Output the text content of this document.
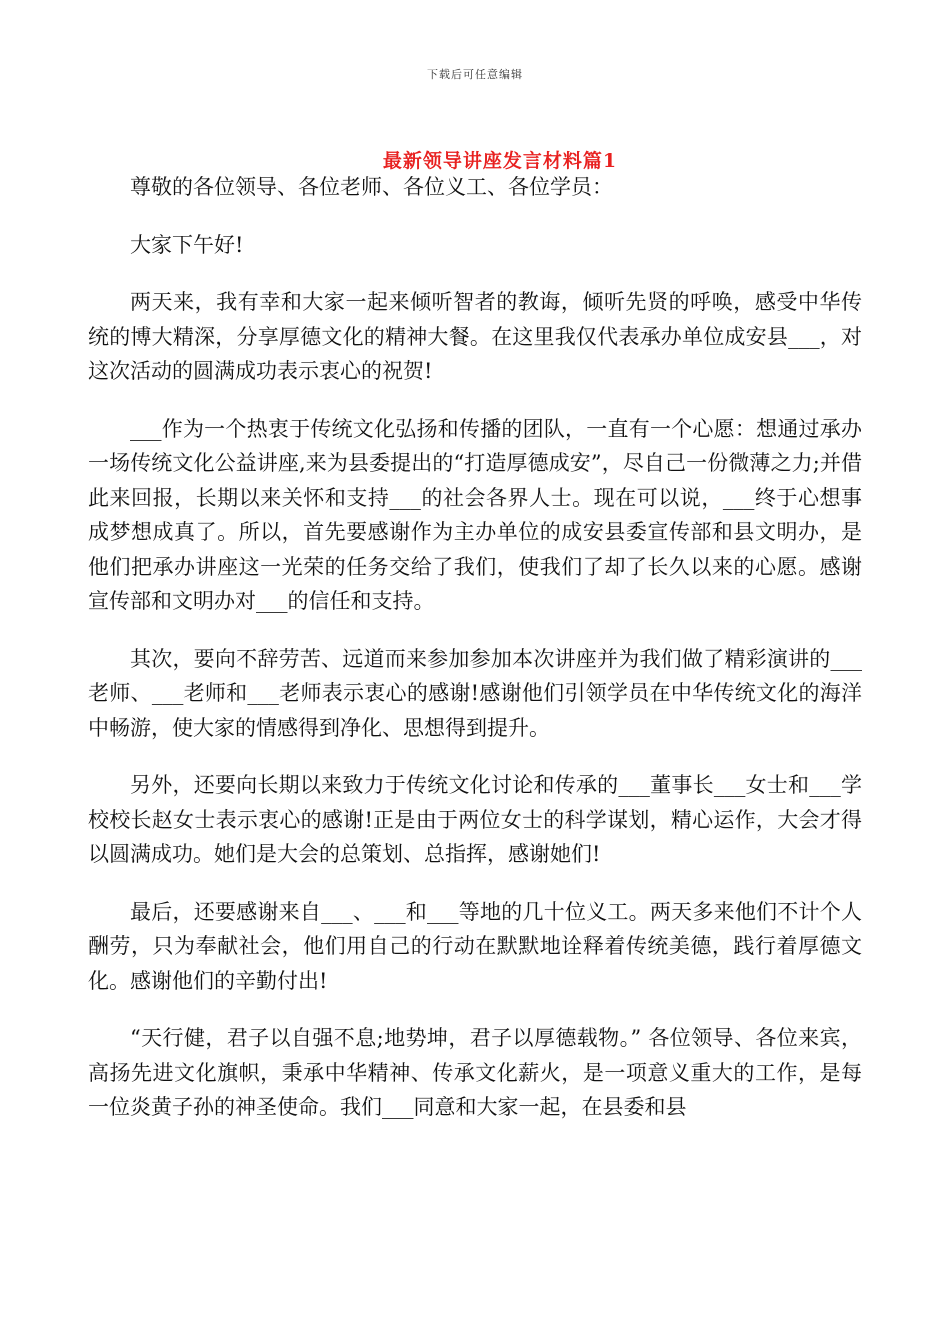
下载后可任意编辑
最新领导讲座发言材料篇1

尊敬的各位领导、各位老师、各位义工、各位学员：

大家下午好!

两天来，我有幸和大家一起来倾听智者的教诲，倾听先贤的呼唤，感受中华传统的博大精深，分享厚德文化的精神大餐。在这里我仅代表承办单位成安县___，对这次活动的圆满成功表示衷心的祝贺!

___作为一个热衷于传统文化弘扬和传播的团队，一直有一个心愿：想通过承办一场传统文化公益讲座,来为县委提出的“打造厚德成安”，尽自己一份微薄之力;并借此来回报，长期以来关怀和支持___的社会各界人士。现在可以说，___终于心想事成梦想成真了。所以，首先要感谢作为主办单位的成安县委宣传部和县文明办，是他们把承办讲座这一光荣的任务交给了我们，使我们了却了长久以来的心愿。感谢宣传部和文明办对___的信任和支持。

其次，要向不辞劳苦、远道而来参加参加本次讲座并为我们做了精彩演讲的___老师、___老师和___老师表示衷心的感谢!感谢他们引领学员在中华传统文化的海洋中畅游，使大家的情感得到净化、思想得到提升。

另外，还要向长期以来致力于传统文化讨论和传承的___董事长___女士和___学校校长赵女士表示衷心的感谢!正是由于两位女士的科学谋划，精心运作，大会才得以圆满成功。她们是大会的总策划、总指挥，感谢她们!

最后，还要感谢来自___、___和___等地的几十位义工。两天多来他们不计个人酬劳，只为奉献社会，他们用自己的行动在默默地诠释着传统美德，践行着厚德文化。感谢他们的辛勤付出!

“天行健，君子以自强不息;地势坤，君子以厚德载物。” 各位领导、各位来宾，高扬先进文化旗帜，秉承中华精神、传承文化薪火，是一项意义重大的工作，是每一位炎黄子孙的神圣使命。我们___同意和大家一起，在县委和县
